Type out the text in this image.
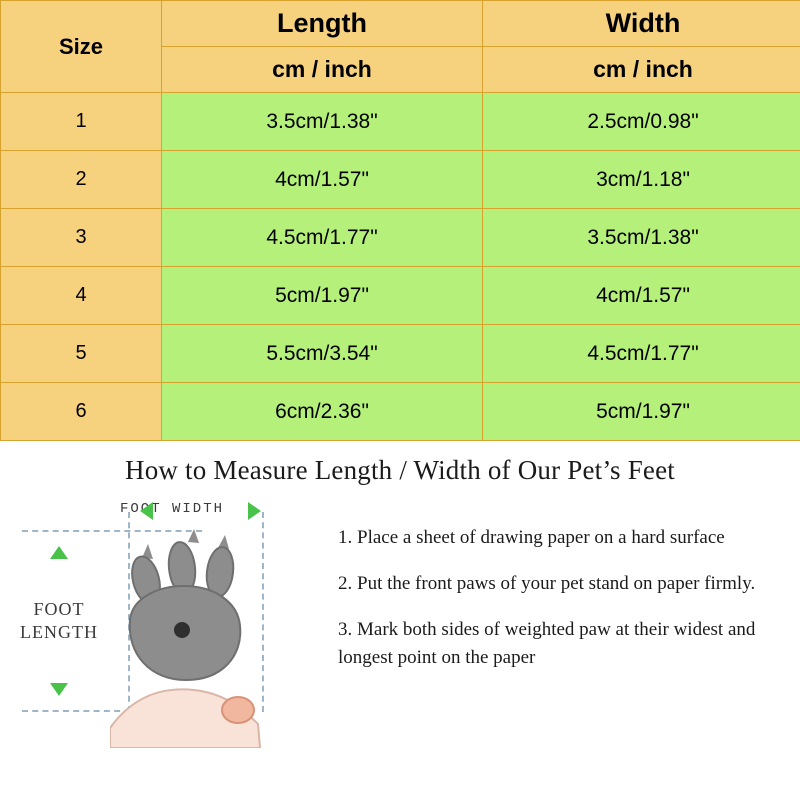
Size	Length	Width
	cm / inch	cm / inch
1	3.5cm/1.38"	2.5cm/0.98"
2	4cm/1.57"	3cm/1.18"
3	4.5cm/1.77"	3.5cm/1.38"
4	5cm/1.97"	4cm/1.57"
5	5.5cm/3.54"	4.5cm/1.77"
6	6cm/2.36"	5cm/1.97"
How to Measure Length / Width of Our Pet’s Feet
FOOT WIDTH
FOOT
LENGTH
1. Place a sheet of drawing paper on a hard surface
2. Put the front paws of your pet stand on paper firmly.
3. Mark both sides of weighted paw at their widest and
longest point on the paper
